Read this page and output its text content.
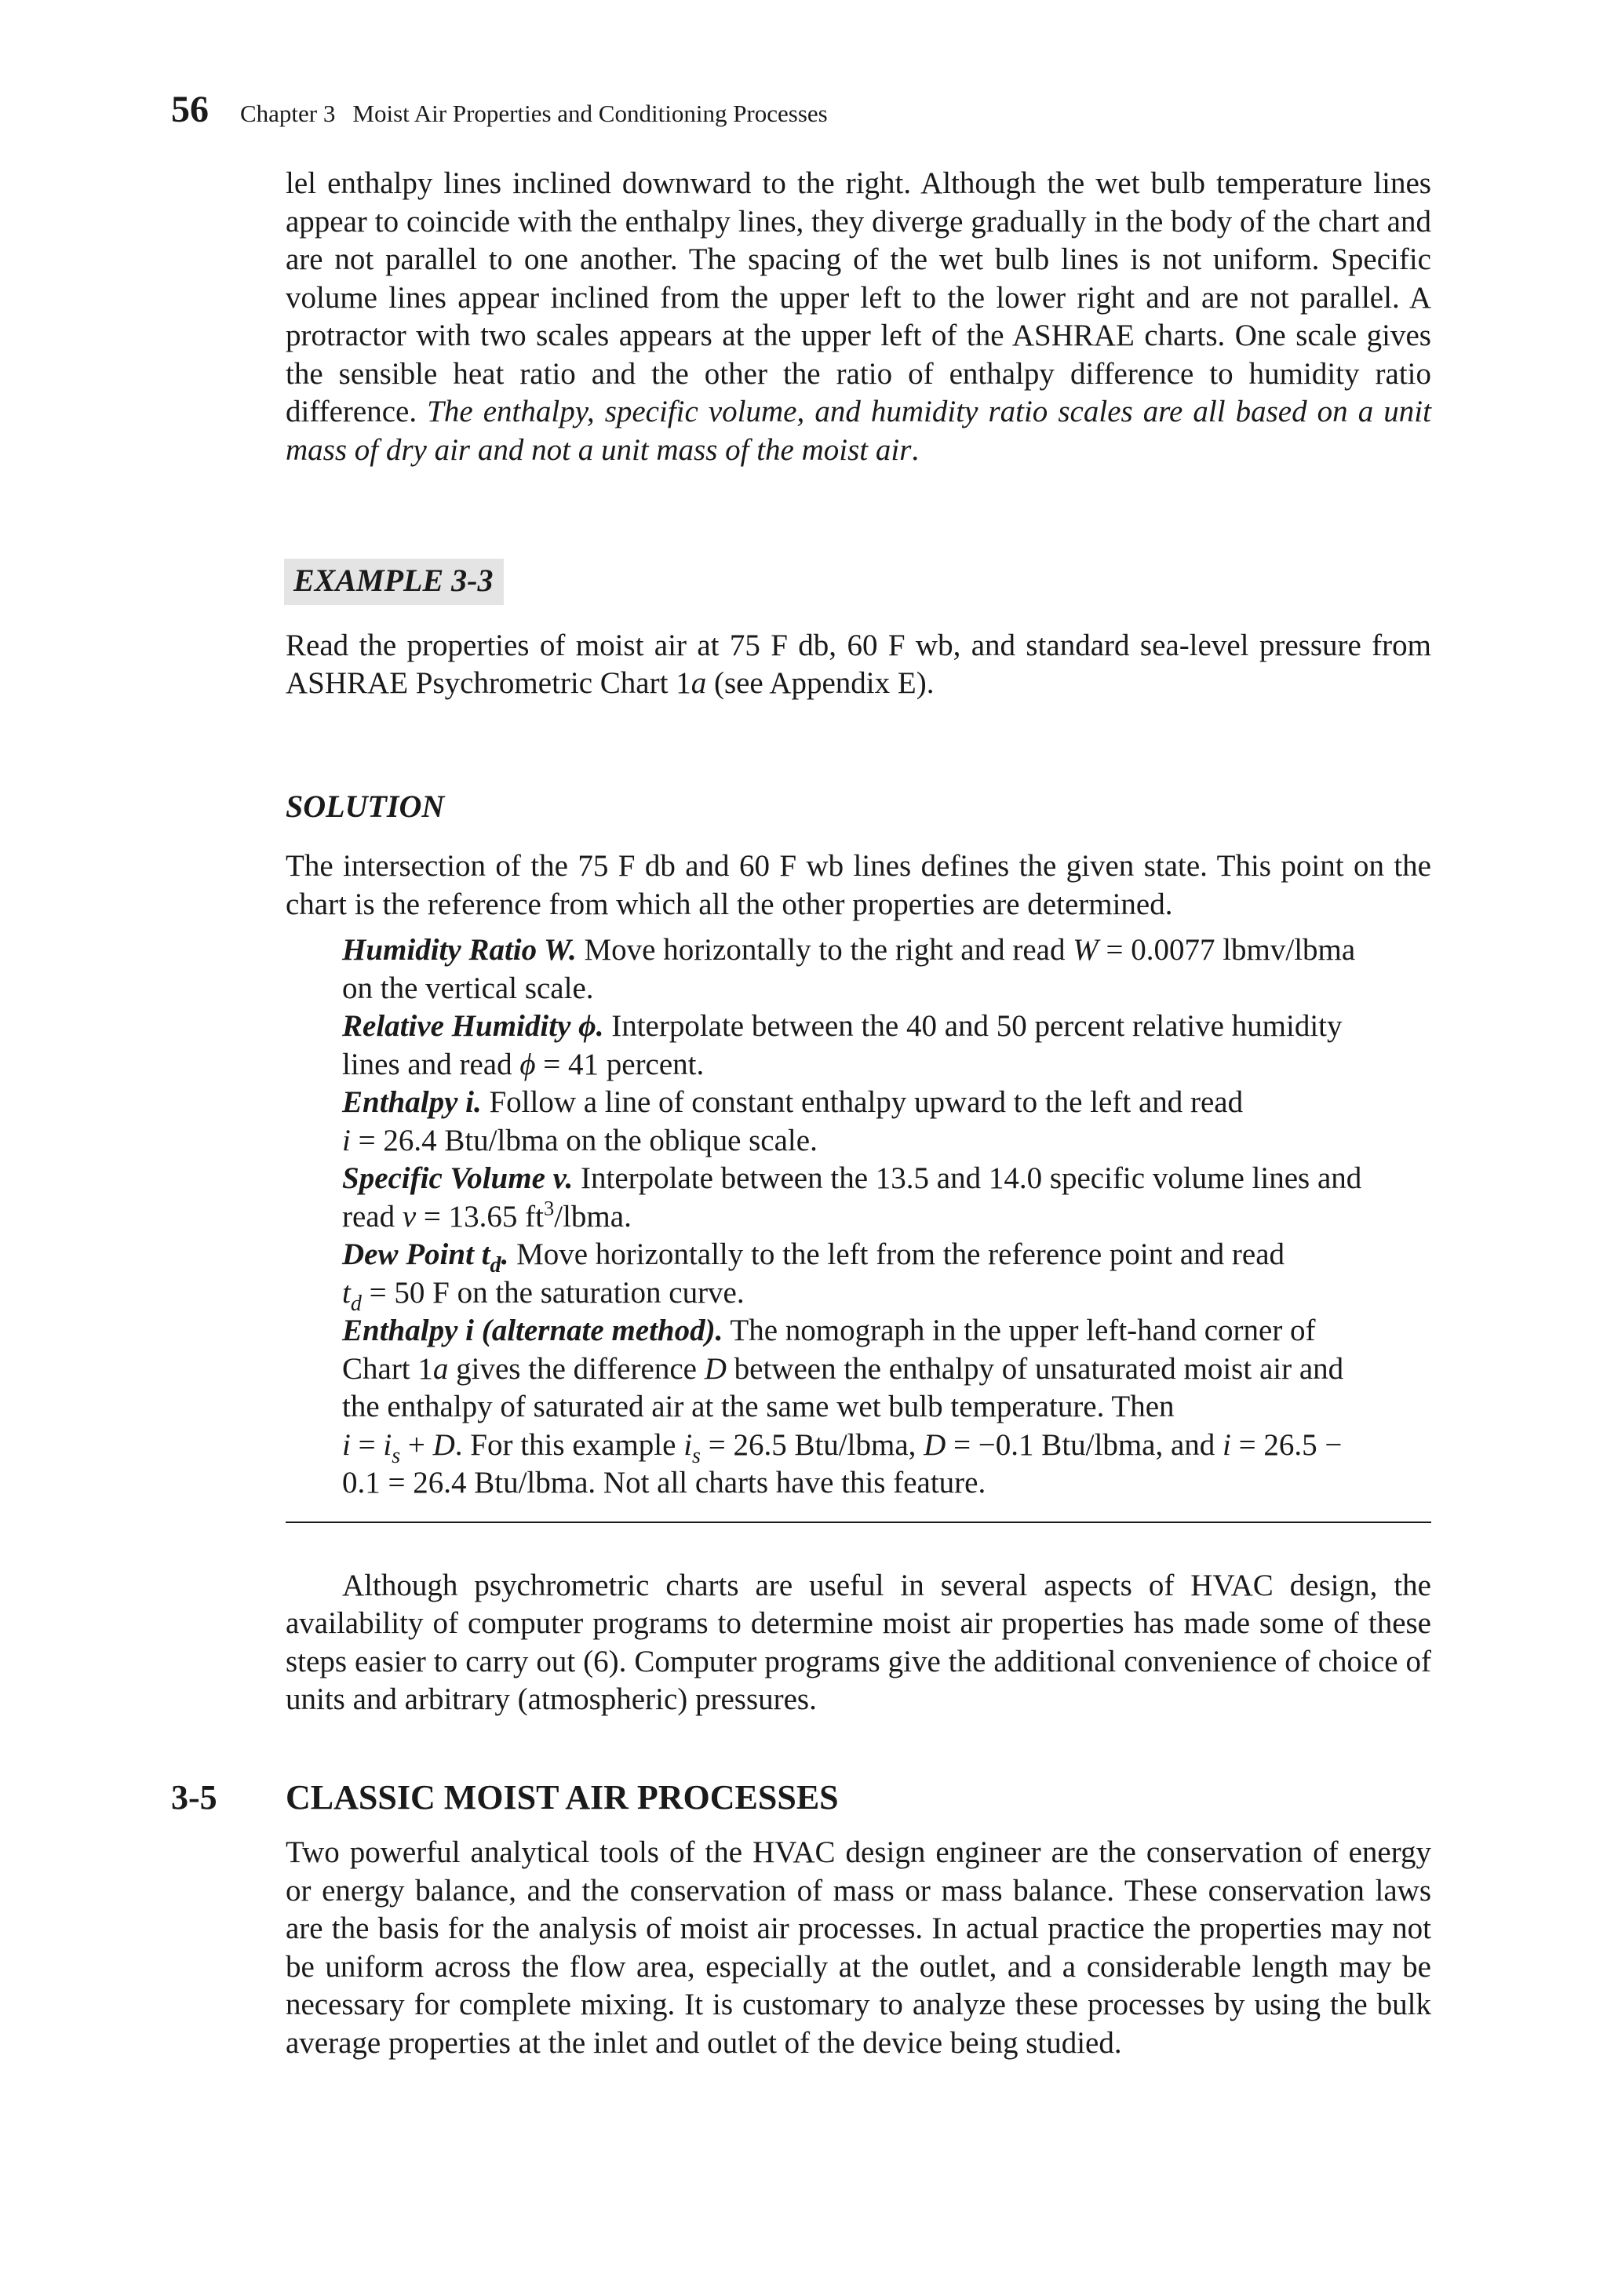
56 Chapter 3 Moist Air Properties and Conditioning Processes

lel enthalpy lines inclined downward to the right. Although the wet bulb temperature lines appear to coincide with the enthalpy lines, they diverge gradually in the body of the chart and are not parallel to one another. The spacing of the wet bulb lines is not uniform. Specific volume lines appear inclined from the upper left to the lower right and are not parallel. A protractor with two scales appears at the upper left of the ASHRAE charts. One scale gives the sensible heat ratio and the other the ratio of enthalpy difference to humidity ratio difference. The enthalpy, specific volume, and humidity ratio scales are all based on a unit mass of dry air and not a unit mass of the moist air.

EXAMPLE 3-3

Read the properties of moist air at 75 F db, 60 F wb, and standard sea-level pressure from ASHRAE Psychrometric Chart 1a (see Appendix E).

SOLUTION

The intersection of the 75 F db and 60 F wb lines defines the given state. This point on the chart is the reference from which all the other properties are determined.

Humidity Ratio W. Move horizontally to the right and read W = 0.0077 lbmv/lbma on the vertical scale.

Relative Humidity ϕ. Interpolate between the 40 and 50 percent relative humidity lines and read ϕ = 41 percent.

Enthalpy i. Follow a line of constant enthalpy upward to the left and read
i = 26.4 Btu/lbma on the oblique scale.

Specific Volume v. Interpolate between the 13.5 and 14.0 specific volume lines and read v = 13.65 $ft^3$/lbma.

Dew Point $t_d$. Move horizontally to the left from the reference point and read
$t_d = 50$ F on the saturation curve.

Enthalpy i (alternate method). The nomograph in the upper left-hand corner of Chart 1a gives the difference D between the enthalpy of unsaturated moist air and the enthalpy of saturated air at the same wet bulb temperature. Then
$i = i_s + D$. For this example $i_s = 26.5$ Btu/lbma, D = −0.1 Btu/lbma, and i = 26.5 − 0.1 = 26.4 Btu/lbma. Not all charts have this feature.

Although psychrometric charts are useful in several aspects of HVAC design, the availability of computer programs to determine moist air properties has made some of these steps easier to carry out (6). Computer programs give the additional convenience of choice of units and arbitrary (atmospheric) pressures.

3-5	CLASSIC MOIST AIR PROCESSES

Two powerful analytical tools of the HVAC design engineer are the conservation of energy or energy balance, and the conservation of mass or mass balance. These conservation laws are the basis for the analysis of moist air processes. In actual practice the properties may not be uniform across the flow area, especially at the outlet, and a considerable length may be necessary for complete mixing. It is customary to analyze these processes by using the bulk average properties at the inlet and outlet of the device being studied.
